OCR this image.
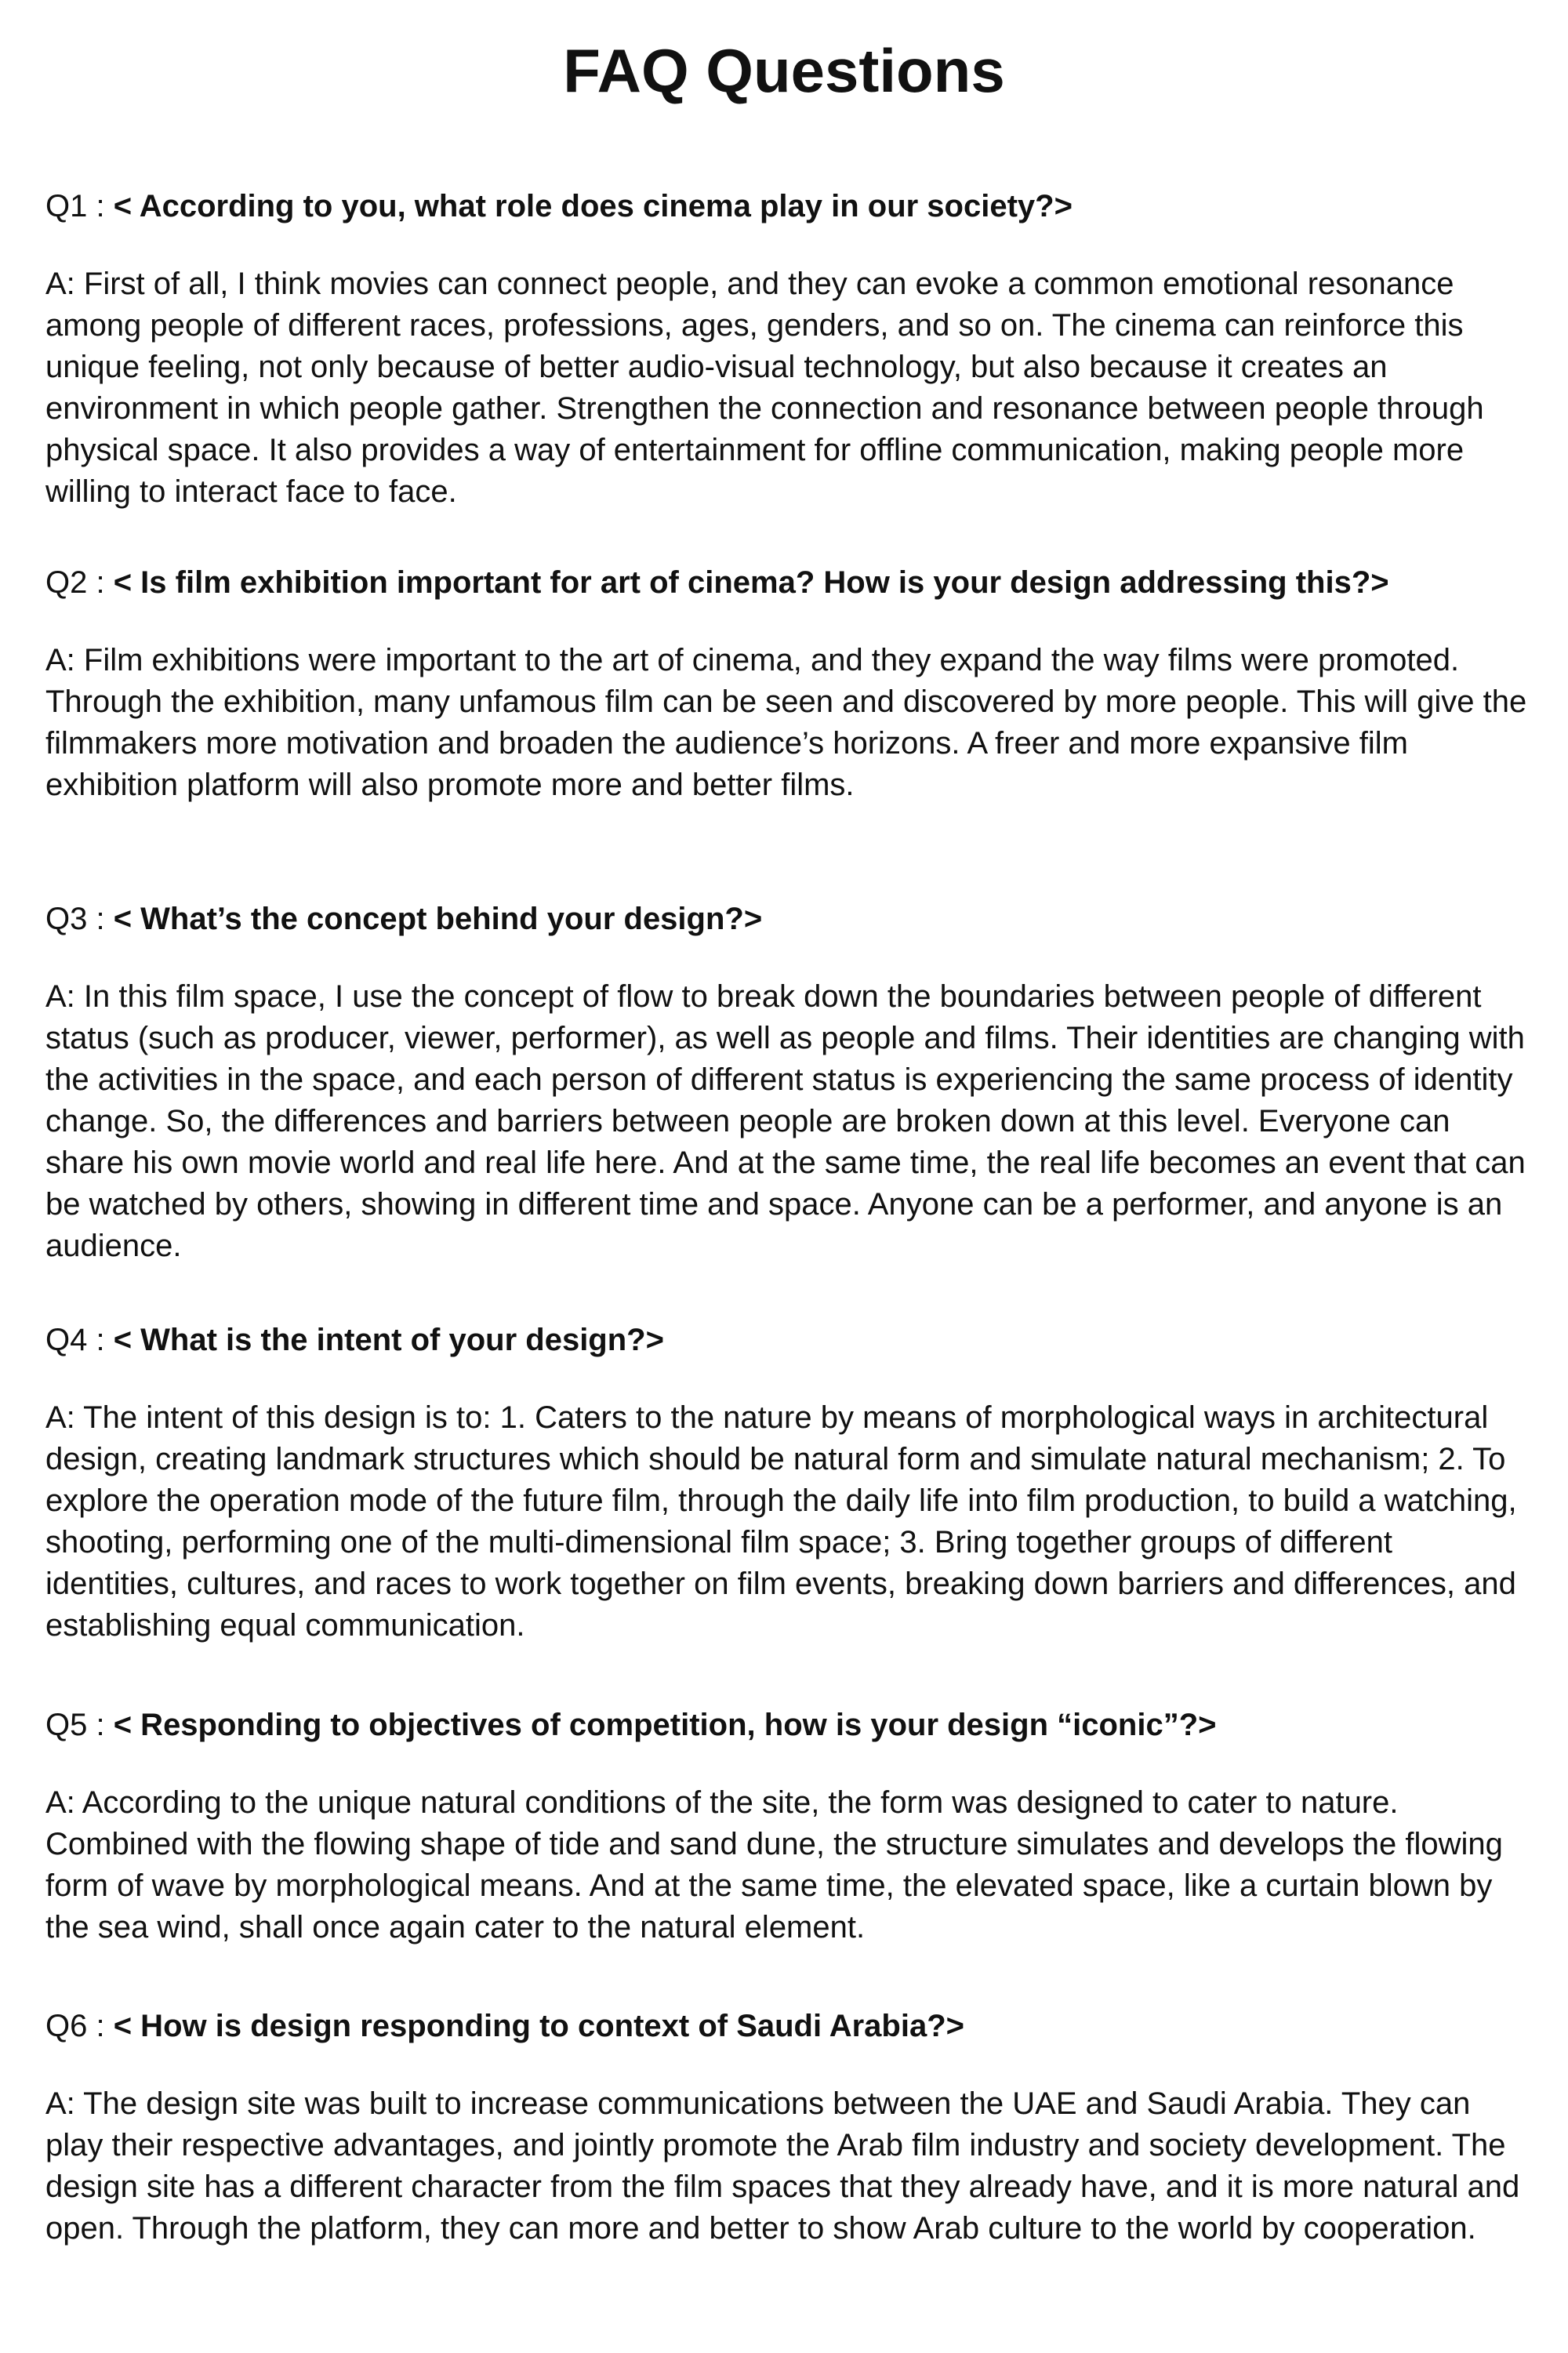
FAQ Questions

Q1 : < According to you, what role does cinema play in our society?>

A: First of all, I think movies can connect people, and they can evoke a common emotional resonance among people of different races, professions, ages, genders, and so on. The cinema can reinforce this unique feeling, not only because of better audio-visual technology, but also because it creates an environment in which people gather. Strengthen the connection and resonance between people through physical space. It also provides a way of entertainment for offline communication, making people more willing to interact face to face.

Q2 : < Is film exhibition important for art of cinema? How is your design addressing this?>

A: Film exhibitions were important to the art of cinema, and they expand the way films were promoted. Through the exhibition, many unfamous film can be seen and discovered by more people. This will give the filmmakers more motivation and broaden the audience’s horizons. A freer and more expansive film exhibition platform will also promote more and better films.

Q3 : < What’s the concept behind your design?>

A: In this film space, I use the concept of flow to break down the boundaries between people of different status (such as producer, viewer, performer), as well as people and films. Their identities are changing with the activities in the space, and each person of different status is experiencing the same process of identity change. So, the differences and barriers between people are broken down at this level. Everyone can share his own movie world and real life here. And at the same time, the real life becomes an event that can be watched by others, showing in different time and space. Anyone can be a performer, and anyone is an audience.

Q4 : < What is the intent of your design?>

A: The intent of this design is to: 1. Caters to the nature by means of morphological ways in architectural design, creating landmark structures which should be natural form and simulate natural mechanism; 2. To explore the operation mode of the future film, through the daily life into film production, to build a watching, shooting, performing one of the multi-dimensional film space; 3. Bring together groups of different identities, cultures, and races to work together on film events, breaking down barriers and differences, and establishing equal communication.

Q5 : < Responding to objectives of competition, how is your design “iconic”?>

A: According to the unique natural conditions of the site, the form was designed to cater to nature. Combined with the flowing shape of tide and sand dune, the structure simulates and develops the flowing form of wave by morphological means. And at the same time, the elevated space, like a curtain blown by the sea wind, shall once again cater to the natural element.

Q6 : < How is design responding to context of Saudi Arabia?>

A: The design site was built to increase communications between the UAE and Saudi Arabia. They can play their respective advantages, and jointly promote the Arab film industry and society development. The design site has a different character from the film spaces that they already have, and it is more natural and open. Through the platform, they can more and better to show Arab culture to the world by cooperation.
